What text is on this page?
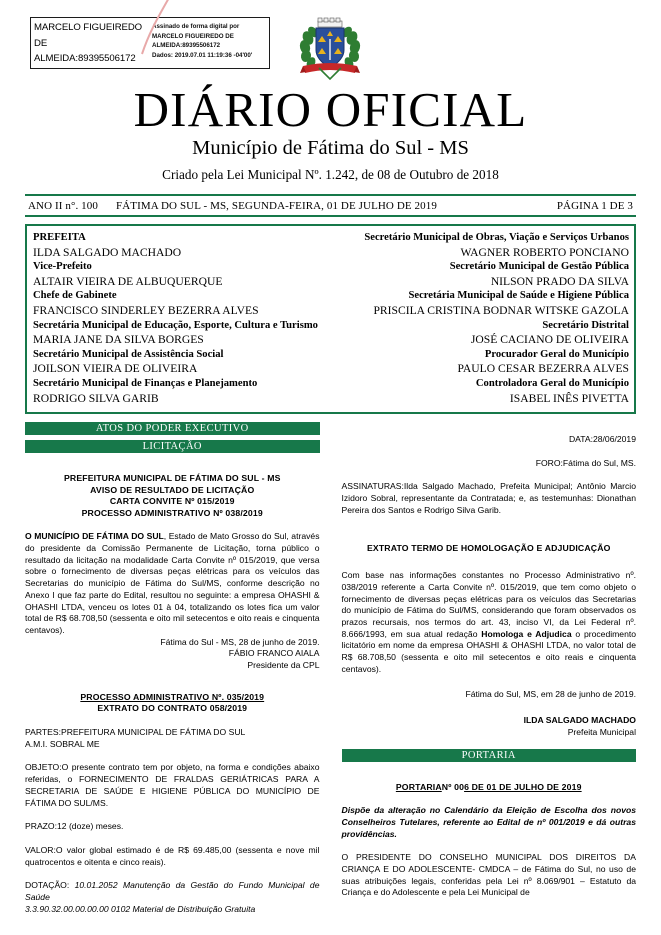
MARCELO FIGUEIREDO DE ALMEIDA:89395506172
Assinado de forma digital por
MARCELO FIGUEIREDO DE
ALMEIDA:89395506172
Dados: 2019.07.01 11:19:36 -04'00'
DIÁRIO OFICIAL
Município de Fátima do Sul - MS
Criado pela Lei Municipal Nº. 1.242, de 08 de Outubro de 2018
ANO II n°. 100	FÁTIMA DO SUL - MS, SEGUNDA-FEIRA, 01 DE JULHO DE 2019	PÁGINA 1 DE 3
PREFEITA
ILDA SALGADO MACHADO
Vice-Prefeito
ALTAIR VIEIRA DE ALBUQUERQUE
Chefe de Gabinete
FRANCISCO SINDERLEY BEZERRA ALVES
Secretária Municipal de Educação, Esporte, Cultura e Turismo
MARIA JANE DA SILVA BORGES
Secretário Municipal de Assistência Social
JOILSON VIEIRA DE OLIVEIRA
Secretário Municipal de Finanças e Planejamento
RODRIGO SILVA GARIB
Secretário Municipal de Obras, Viação e Serviços Urbanos
WAGNER ROBERTO PONCIANO
Secretário Municipal de Gestão Pública
NILSON PRADO DA SILVA
Secretária Municipal de Saúde e Higiene Pública
PRISCILA CRISTINA BODNAR WITSKE GAZOLA
Secretário Distrital
JOSÉ CACIANO DE OLIVEIRA
Procurador Geral do Município
PAULO CESAR BEZERRA ALVES
Controladora Geral do Município
ISABEL INÊS PIVETTA
ATOS DO PODER EXECUTIVO
LICITAÇÃO
PREFEITURA MUNICIPAL DE FÁTIMA DO SUL - MS
AVISO DE RESULTADO DE LICITAÇÃO
CARTA CONVITE Nº 015/2019
PROCESSO ADMINISTRATIVO Nº 038/2019
O MUNICÍPIO DE FÁTIMA DO SUL, Estado de Mato Grosso do Sul, através do presidente da Comissão Permanente de Licitação, torna público o resultado da licitação na modalidade Carta Convite nº 015/2019, que versa sobre o fornecimento de diversas peças elétricas para os veículos das Secretarias do município de Fátima do Sul/MS, conforme descrição no Anexo I que faz parte do Edital, resultou no seguinte: a empresa OHASHI & OHASHI LTDA, venceu os lotes 01 à 04, totalizando os lotes fica um valor total de R$ 68.708,50 (sessenta e oito mil setecentos e oito reais e cinquenta centavos).
Fátima do Sul - MS, 28 de junho de 2019.
FÁBIO FRANCO AIALA
Presidente da CPL
PROCESSO ADMINISTRATIVO Nº. 035/2019
EXTRATO DO CONTRATO 058/2019
PARTES:PREFEITURA MUNICIPAL DE FÁTIMA DO SUL
A.M.I. SOBRAL ME
OBJETO:O presente contrato tem por objeto, na forma e condições abaixo referidas, o FORNECIMENTO DE FRALDAS GERIÁTRICAS PARA A SECRETARIA DE SAÚDE E HIGIENE PÚBLICA DO MUNICÍPIO DE FÁTIMA DO SUL/MS.
PRAZO:12 (doze) meses.
VALOR:O valor global estimado é de R$ 69.485,00 (sessenta e nove mil quatrocentos e oitenta e cinco reais).
DOTAÇÃO: 10.01.2052 Manutenção da Gestão do Fundo Municipal de Saúde
3.3.90.32.00.00.00.00 0102 Material de Distribuição Gratuita
DATA:28/06/2019
FORO:Fátima do Sul, MS.
ASSINATURAS:Ilda Salgado Machado, Prefeita Municipal; Antônio Marcio Izidoro Sobral, representante da Contratada; e, as testemunhas: Dionathan Pereira dos Santos e Rodrigo Silva Garib.
EXTRATO TERMO DE HOMOLOGAÇÃO E ADJUDICAÇÃO
Com base nas informações constantes no Processo Administrativo nº. 038/2019 referente a Carta Convite nº. 015/2019, que tem como objeto o fornecimento de diversas peças elétricas para os veículos das Secretarias do município de Fátima do Sul/MS, considerando que foram observados os prazos recursais, nos termos do art. 43, inciso VI, da Lei Federal nº. 8.666/1993, em sua atual redação Homologa e Adjudica o procedimento licitatório em nome da empresa OHASHI & OHASHI LTDA, no valor total de R$ 68.708,50 (sessenta e oito mil setecentos e oito reais e cinquenta centavos).
Fátima do Sul, MS, em 28 de junho de 2019.
ILDA SALGADO MACHADO
Prefeita Municipal
PORTARIA
PORTARIANº 006 DE 01 DE JULHO DE 2019
Dispõe da alteração no Calendário da Eleição de Escolha dos novos Conselheiros Tutelares, referente ao Edital de nº 001/2019 e dá outras providências.
O PRESIDENTE DO CONSELHO MUNICIPAL DOS DIREITOS DA CRIANÇA E DO ADOLESCENTE- CMDCA – de Fátima do Sul, no uso de suas atribuições legais, conferidas pela Lei nº 8.069/901 – Estatuto da Criança e do Adolescente e pela Lei Municipal de
